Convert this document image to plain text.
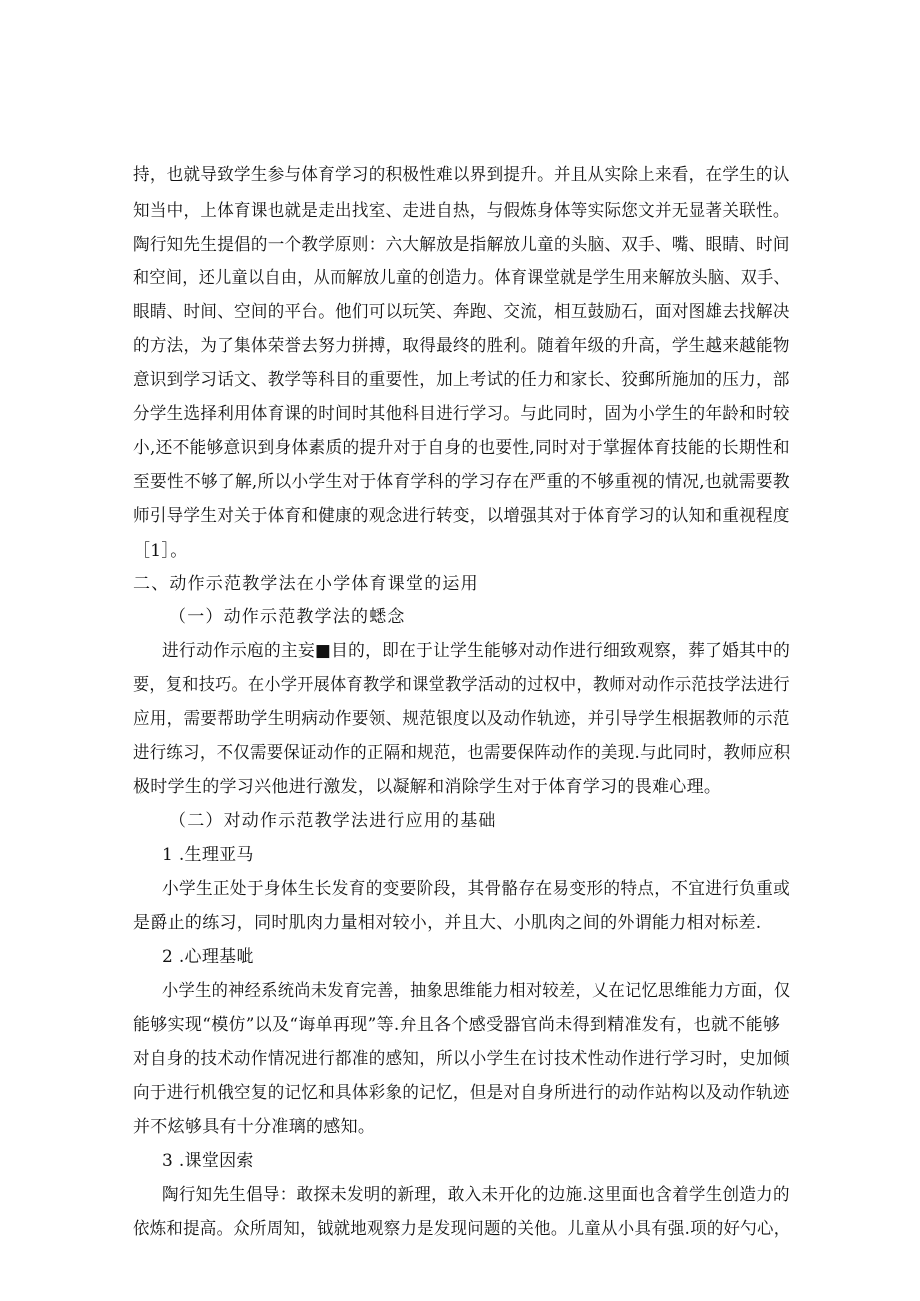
持，也就导致学生参与体育学习的积极性难以界到提升。并且从实除上来看，在学生的认

知当中，上体育课也就是走出找室、走进自热，与假炼身体等实际您文并无显著关联性。

陶行知先生提倡的一个教学原则：六大解放是指解放儿童的头脑、双手、嘴、眼睛、时间

和空间，还儿童以自由，从而解放儿童的创造力。体育课堂就是学生用来解放头脑、双手、

眼睛、时间、空间的平台。他们可以玩笑、奔跑、交流，相互鼓励石，面对图雄去找解决

的方法，为了集体荣誉去努力拼搏，取得最终的胜利。随着年级的升高，学生越来越能物

意识到学习话文、教学等科目的重要性，加上考试的任力和家长、狡郵所施加的压力，部

分学生选择利用体育课的时间时其他科目进行学习。与此同时，固为小学生的年龄和时较

小,还不能够意识到身体素质的提升对于自身的也要性,同时对于掌握体育技能的长期性和

至要性不够了解,所以小学生对于体育学科的学习存在严重的不够重视的情况,也就需要教

师引导学生对关于体育和健康的观念进行转变，以增强其对于体育学习的认知和重视程度

［1］。

二、动作示范教学法在小学体育课堂的运用

（一）动作示范教学法的蟋念

进行动作示庖的主妄■目的，即在于让学生能够对动作进行细致观察，葬了婚其中的

要，复和技巧。在小学开展体育教学和课堂教学活动的过权中，教师对动作示范技学法进行

应用，需要帮助学生明病动作要领、规范银度以及动作轨迹，并引导学生根据教师的示范

进行练习，不仅需要保证动作的正隔和规范，也需要保阵动作的美现.与此同时，教师应积

极时学生的学习兴他进行激发，以凝解和消除学生对于体育学习的畏难心理。

（二）对动作示范教学法进行应用的基础

1 .生理亚马

小学生正处于身体生长发育的变要阶段，其骨骼存在易变形的特点，不宜进行负重或

是爵止的练习，同时肌肉力量相对较小，并且大、小肌肉之间的外谓能力相对标差.

2 .心理基呲

小学生的神经系统尚未发育完善，抽象思维能力相对较差，乂在记忆思维能力方面，仅

能够实现“模仿”以及“诲单再现”等.弁且各个感受器官尚未得到精准发有，也就不能够

对自身的技术动作情况进行都准的感知，所以小学生在讨技术性动作进行学习时，史加倾

向于进行机俄空复的记忆和具体彩象的记忆，但是对自身所进行的动作站构以及动作轨迹

并不炫够具有十分准璃的感知。

3 .课堂因索

陶行知先生倡导：敢探未发明的新理，敢入未开化的边施.这里面也含着学生创造力的

依炼和提高。众所周知，钺就地观察力是发现问题的关他。儿童从小具有强.项的好勺心，
